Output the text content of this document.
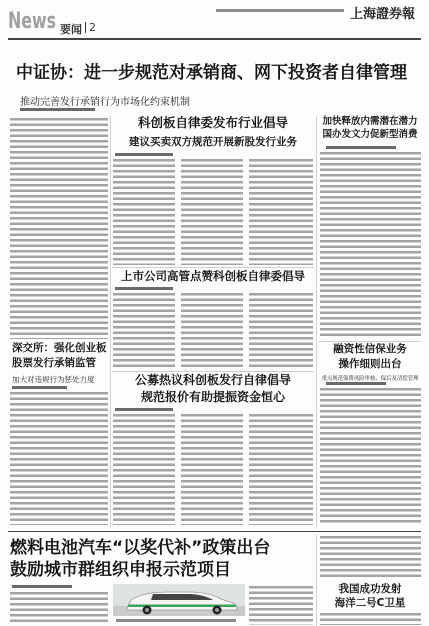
News 要闻 2
上海證券報
中证协：进一步规范对承销商、网下投资者自律管理
推动完善发行承销行为市场化约束机制
深交所：强化创业板
股票发行承销监管
加大对违规行为惩处力度
科创板自律委发布行业倡导
建议买卖双方规范开展新股发行业务
上市公司高管点赞科创板自律委倡导
公募热议科创板发行自律倡导
规范报价有助提振资金恒心
加快释放内需潜在潜力
国办发文力促新型消费
融资性信保业务
操作细则出台
重点规范保费风险审核、保后及清偿管理
燃料电池汽车“以奖代补”政策出台
鼓励城市群组织申报示范项目
我国成功发射
海洋二号C卫星
